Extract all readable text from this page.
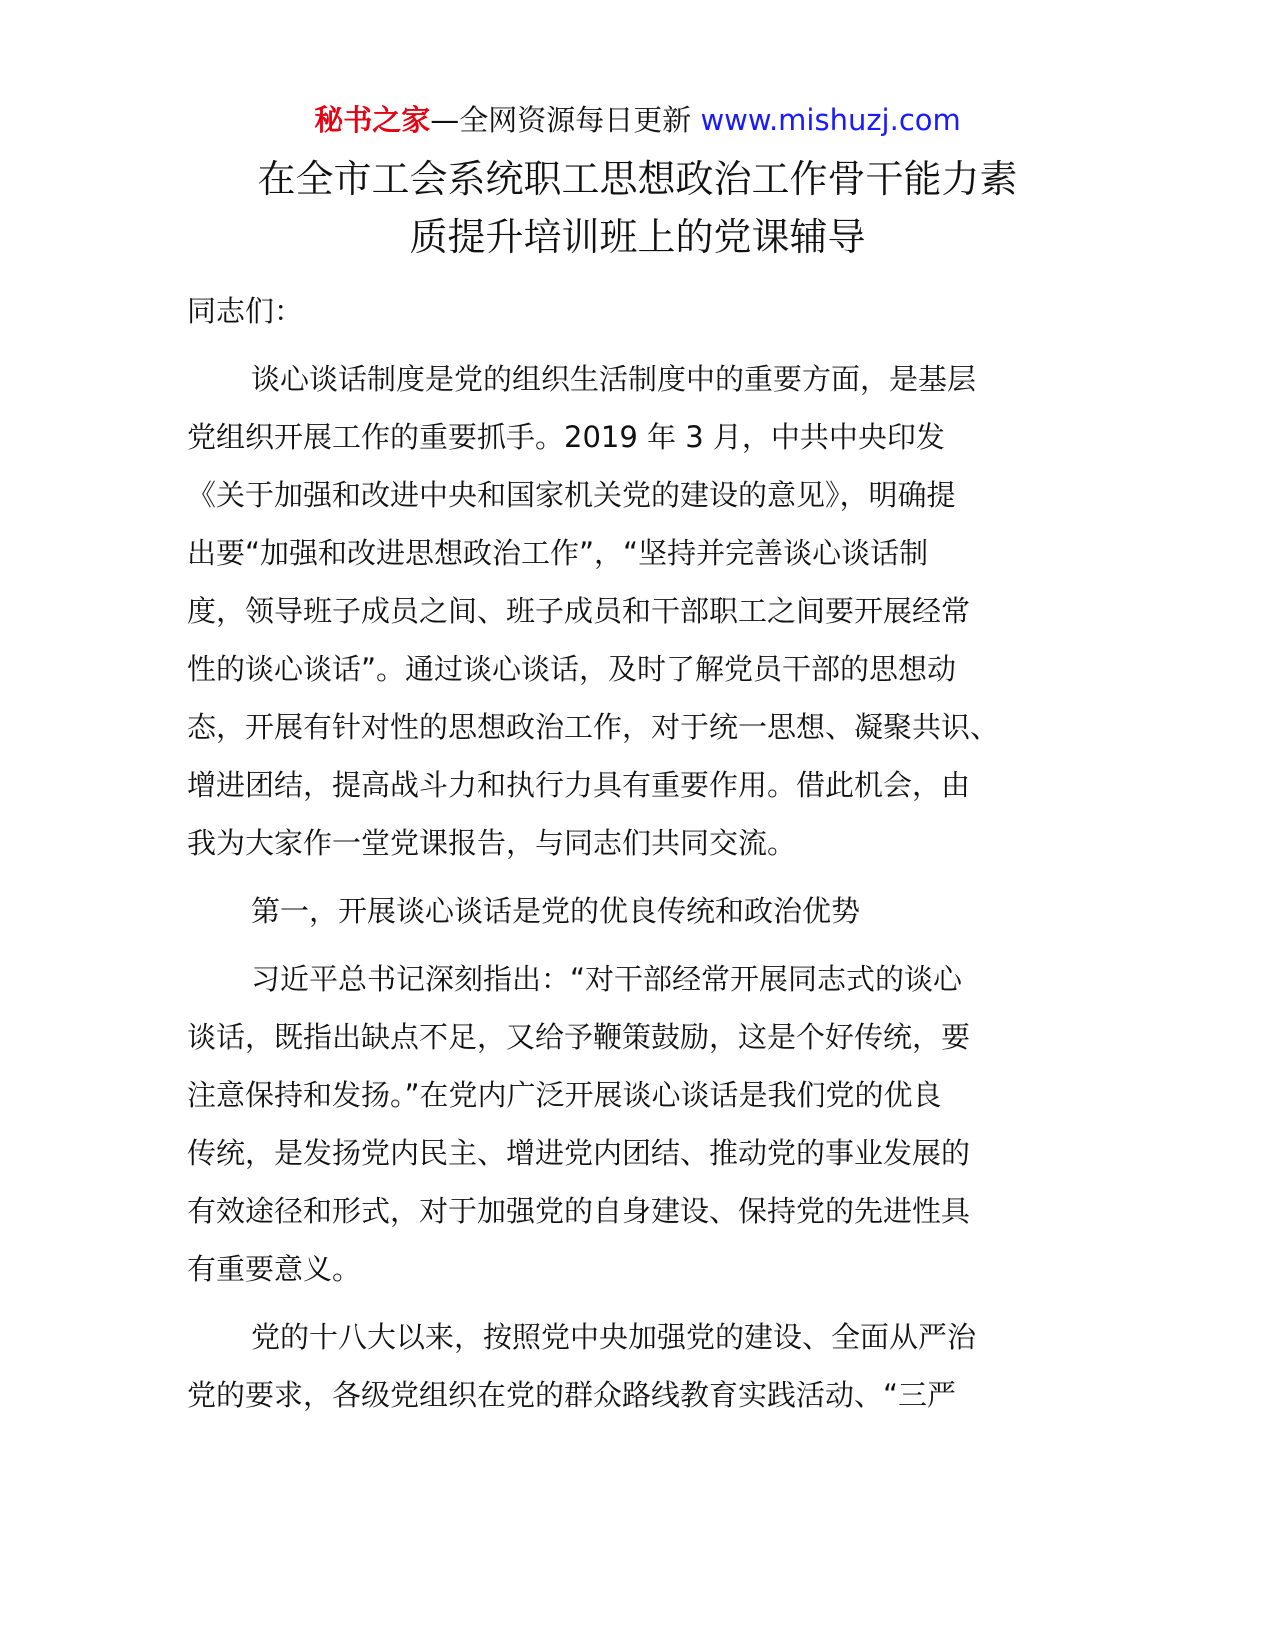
秘书之家—全网资源每日更新 www.mishuzj.com
在全市工会系统职工思想政治工作骨干能力素
质提升培训班上的党课辅导

同志们：

谈心谈话制度是党的组织生活制度中的重要方面，是基层
党组织开展工作的重要抓手。2019 年 3 月，中共中央印发
《关于加强和改进中央和国家机关党的建设的意见》，明确提
出要“加强和改进思想政治工作”，“坚持并完善谈心谈话制
度，领导班子成员之间、班子成员和干部职工之间要开展经常
性的谈心谈话”。通过谈心谈话，及时了解党员干部的思想动
态，开展有针对性的思想政治工作，对于统一思想、凝聚共识、
增进团结，提高战斗力和执行力具有重要作用。借此机会，由
我为大家作一堂党课报告，与同志们共同交流。

第一，开展谈心谈话是党的优良传统和政治优势

习近平总书记深刻指出：“对干部经常开展同志式的谈心
谈话，既指出缺点不足，又给予鞭策鼓励，这是个好传统，要
注意保持和发扬。”在党内广泛开展谈心谈话是我们党的优良
传统，是发扬党内民主、增进党内团结、推动党的事业发展的
有效途径和形式，对于加强党的自身建设、保持党的先进性具
有重要意义。

党的十八大以来，按照党中央加强党的建设、全面从严治
党的要求，各级党组织在党的群众路线教育实践活动、“三严
